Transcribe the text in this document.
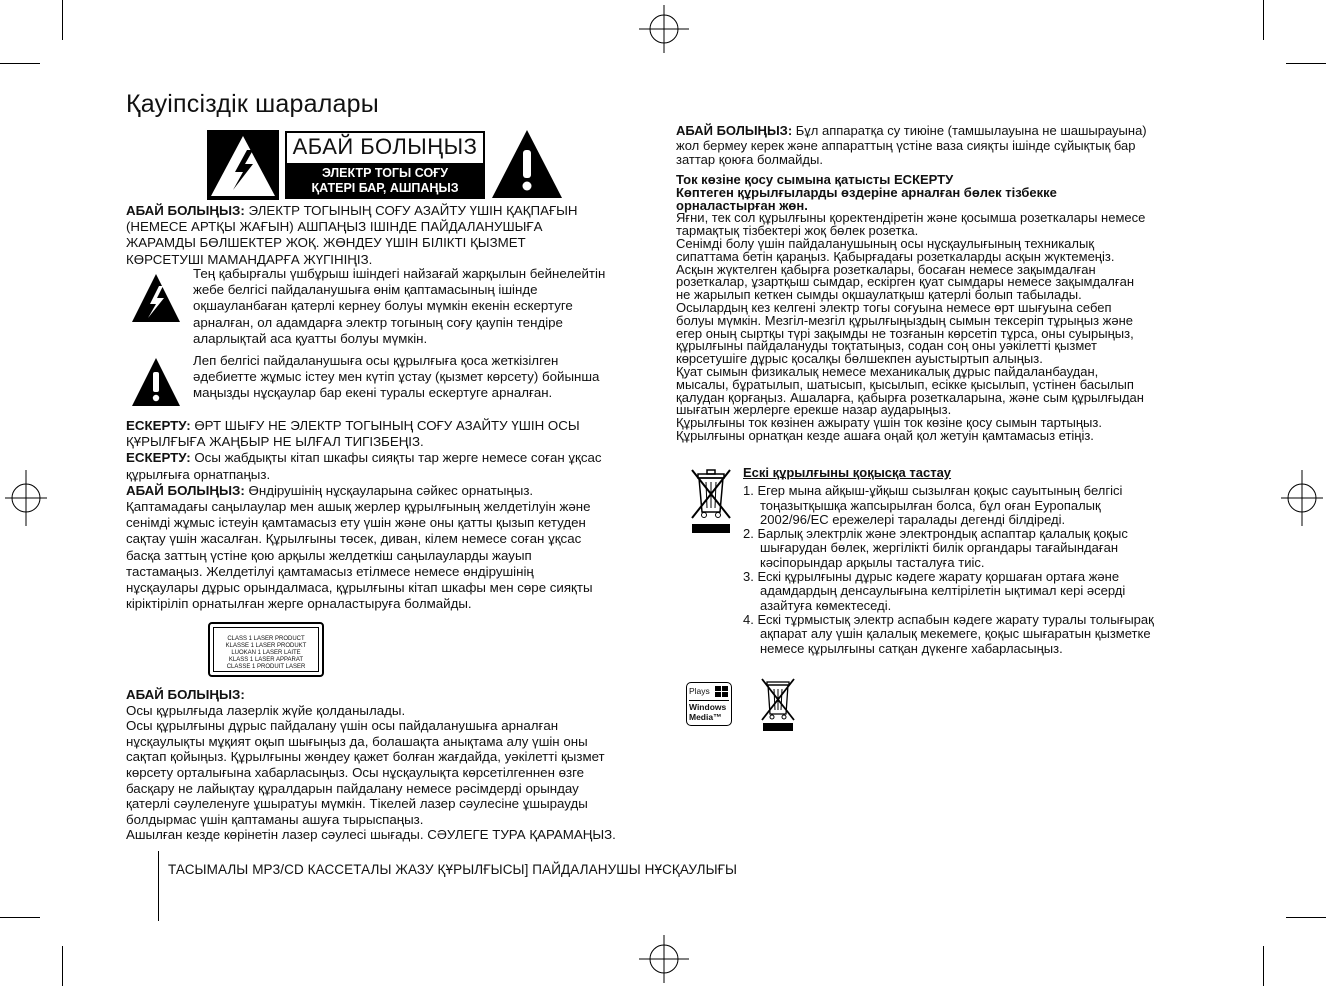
Қауіпсіздік шаралары
АБАЙ БОЛЫҢЫЗ
ЭЛЕКТР ТОГЫ СОҒУ
ҚАТЕРІ БАР, АШПАҢЫЗ
АБАЙ БОЛЫҢЫЗ: ЭЛЕКТР ТОГЫНЫҢ СОҒУ АЗАЙТУ ҮШІН ҚАҚПАҒЫН
(НЕМЕСЕ АРТҚЫ ЖАҒЫН) АШПАҢЫЗ ІШІНДЕ ПАЙДАЛАНУШЫҒА
ЖАРАМДЫ БӨЛШЕКТЕР ЖОҚ. ЖӨНДЕУ ҮШІН БІЛІКТІ ҚЫЗМЕТ
КӨРСЕТУШІ МАМАНДАРҒА ЖҮГІНІҢІЗ.
Тең қабырғалы үшбұрыш ішіндегі найзағай жарқылын бейнелейтін
жебе белгісі пайдаланушыға өнім қаптамасының ішінде
оқшауланбаған қатерлі кернеу болуы мүмкін екенін ескертуге
арналған, ол адамдарға электр тогының соғу қаупін тендіре
аларлықтай аса қуатты болуы мүмкін.
Леп белгісі пайдаланушыға осы құрылғыға қоса жеткізілген
әдебиетте жұмыс істеу мен күтіп ұстау (қызмет көрсету) бойынша
маңызды нұсқаулар бар екені туралы ескертуге арналған.
ЕСКЕРТУ: ӨРТ ШЫҒУ НЕ ЭЛЕКТР ТОГЫНЫҢ СОҒУ АЗАЙТУ ҮШІН ОСЫ
ҚҰРЫЛҒЫҒА ЖАҢБЫР НЕ ЫЛҒАЛ ТИГІЗБЕҢІЗ.
ЕСКЕРТУ: Осы жабдықты кітап шкафы сияқты тар жерге немесе соған ұқсас
құрылғыға орнатпаңыз.
АБАЙ БОЛЫҢЫЗ: Өндірушінің нұсқауларына сәйкес орнатыңыз.
Қаптамадағы саңылаулар мен ашық жерлер құрылғының желдетілуін және
сенімді жұмыс істеуін қамтамасыз ету үшін және оны қатты қызып кетуден
сақтау үшін жасалған. Құрылғыны төсек, диван, кілем немесе соған ұқсас
басқа заттың үстіне қою арқылы желдеткіш саңылауларды жауып
тастамаңыз. Желдетілуі қамтамасыз етілмесе немесе өндірушінің
нұсқаулары дұрыс орындалмаса, құрылғыны кітап шкафы мен сөре сияқты
кіріктіріліп орнатылған жерге орналастыруға болмайды.
CLASS 1 LASER PRODUCT
KLASSE 1 LASER PRODUKT
LUOKAN 1 LASER LAITE
KLASS 1 LASER APPARAT
CLASSE 1 PRODUIT LASER
АБАЙ БОЛЫҢЫЗ:
Осы құрылғыда лазерлік жүйе қолданылады.
Осы құрылғыны дұрыс пайдалану үшін осы пайдаланушыға арналған
нұсқаулықты мұқият оқып шығыңыз да, болашақта анықтама алу үшін оны
сақтап қойыңыз. Құрылғыны жөндеу қажет болған жағдайда, уәкілетті қызмет
көрсету орталығына хабарласыңыз. Осы нұсқаулықта көрсетілгеннен өзге
басқару не лайықтау құралдарын пайдалану немесе рәсімдерді орындау
қатерлі сәулеленуге ұшыратуы мүмкін. Тікелей лазер сәулесіне ұшырауды
болдырмас үшін қаптаманы ашуға тырыспаңыз.
Ашылған кезде көрінетін лазер сәулесі шығады. СӘУЛЕГЕ ТУРА ҚАРАМАҢЫЗ.
АБАЙ БОЛЫҢЫЗ: Бұл аппаратқа су тиюіне (тамшылауына не шашырауына)
жол бермеу керек және аппараттың үстіне ваза сияқты ішінде сұйықтық бар
заттар қоюға болмайды.
Ток көзіне қосу сымына қатысты ЕСКЕРТУ
Көптеген құрылғыларды өздеріне арналған бөлек тізбекке
орналастырған жөн.
Яғни, тек сол құрылғыны қоректендіретін және қосымша розеткалары немесе
тармақтық тізбектері жоқ бөлек розетка.
Сенімді болу үшін пайдаланушының осы нұсқаулығының техникалық
сипаттама бетін қараңыз. Қабырғадағы розеткаларды асқын жүктемеңіз.
Асқын жүктелген қабырға розеткалары, босаған немесе зақымдалған
розеткалар, ұзартқыш сымдар, ескірген қуат сымдары немесе зақымдалған
не жарылып кеткен сымды оқшаулатқыш қатерлі болып табылады.
Осылардың кез келгені электр тогы соғуына немесе өрт шығуына себеп
болуы мүмкін. Мезгіл-мезгіл құрылғыңыздың сымын тексеріп тұрыңыз және
егер оның сыртқы түрі зақымды не тозғанын көрсетіп тұрса, оны суырыңыз,
құрылғыны пайдалануды тоқтатыңыз, содан соң оны уәкілетті қызмет
көрсетушіге дұрыс қосалқы бөлшекпен ауыстыртып алыңыз.
Қуат сымын физикалық немесе механикалық дұрыс пайдаланбаудан,
мысалы, бұратылып, шатысып, қысылып, есікке қысылып, үстінен басылып
қалудан қорғаңыз. Ашаларға, қабырға розеткаларына, және сым құрылғыдан
шығатын жерлерге ерекше назар аударыңыз.
Құрылғыны ток көзінен ажырату үшін ток көзіне қосу сымын тартыңыз.
Құрылғыны орнатқан кезде ашаға оңай қол жетуін қамтамасыз етіңіз.
Ескі құрылғыны қоқысқа тастау
1. Егер мына айқыш-ұйқыш сызылған қоқыс сауытының белгісі
тоңазытқышқа жапсырылған болса, бұл оған Еуропалық
2002/96/EC ережелері таралады дегенді білдіреді.
2. Барлық электрлік және электрондық аспаптар қалалық қоқыс
шығарудан бөлек, жергілікті билік органдары тағайындаған
кәсіпорындар арқылы тасталуға тиіс.
3. Ескі құрылғыны дұрыс кәдеге жарату қоршаған ортаға және
адамдардың денсаулығына келтірілетін ықтимал кері әсерді
азайтуға көмектеседі.
4. Ескі тұрмыстық электр аспабын кәдеге жарату туралы толығырақ
ақпарат алу үшін қалалық мекемеге, қоқыс шығаратын қызметке
немесе құрылғыны сатқан дүкенге хабарласыңыз.
Plays
Windows
Media™
ТАСЫМАЛЫ MP3/CD КАССЕТАЛЫ ЖАЗУ ҚҰРЫЛҒЫСЫ] ПАЙДАЛАНУШЫ НҰСҚАУЛЫҒЫ
